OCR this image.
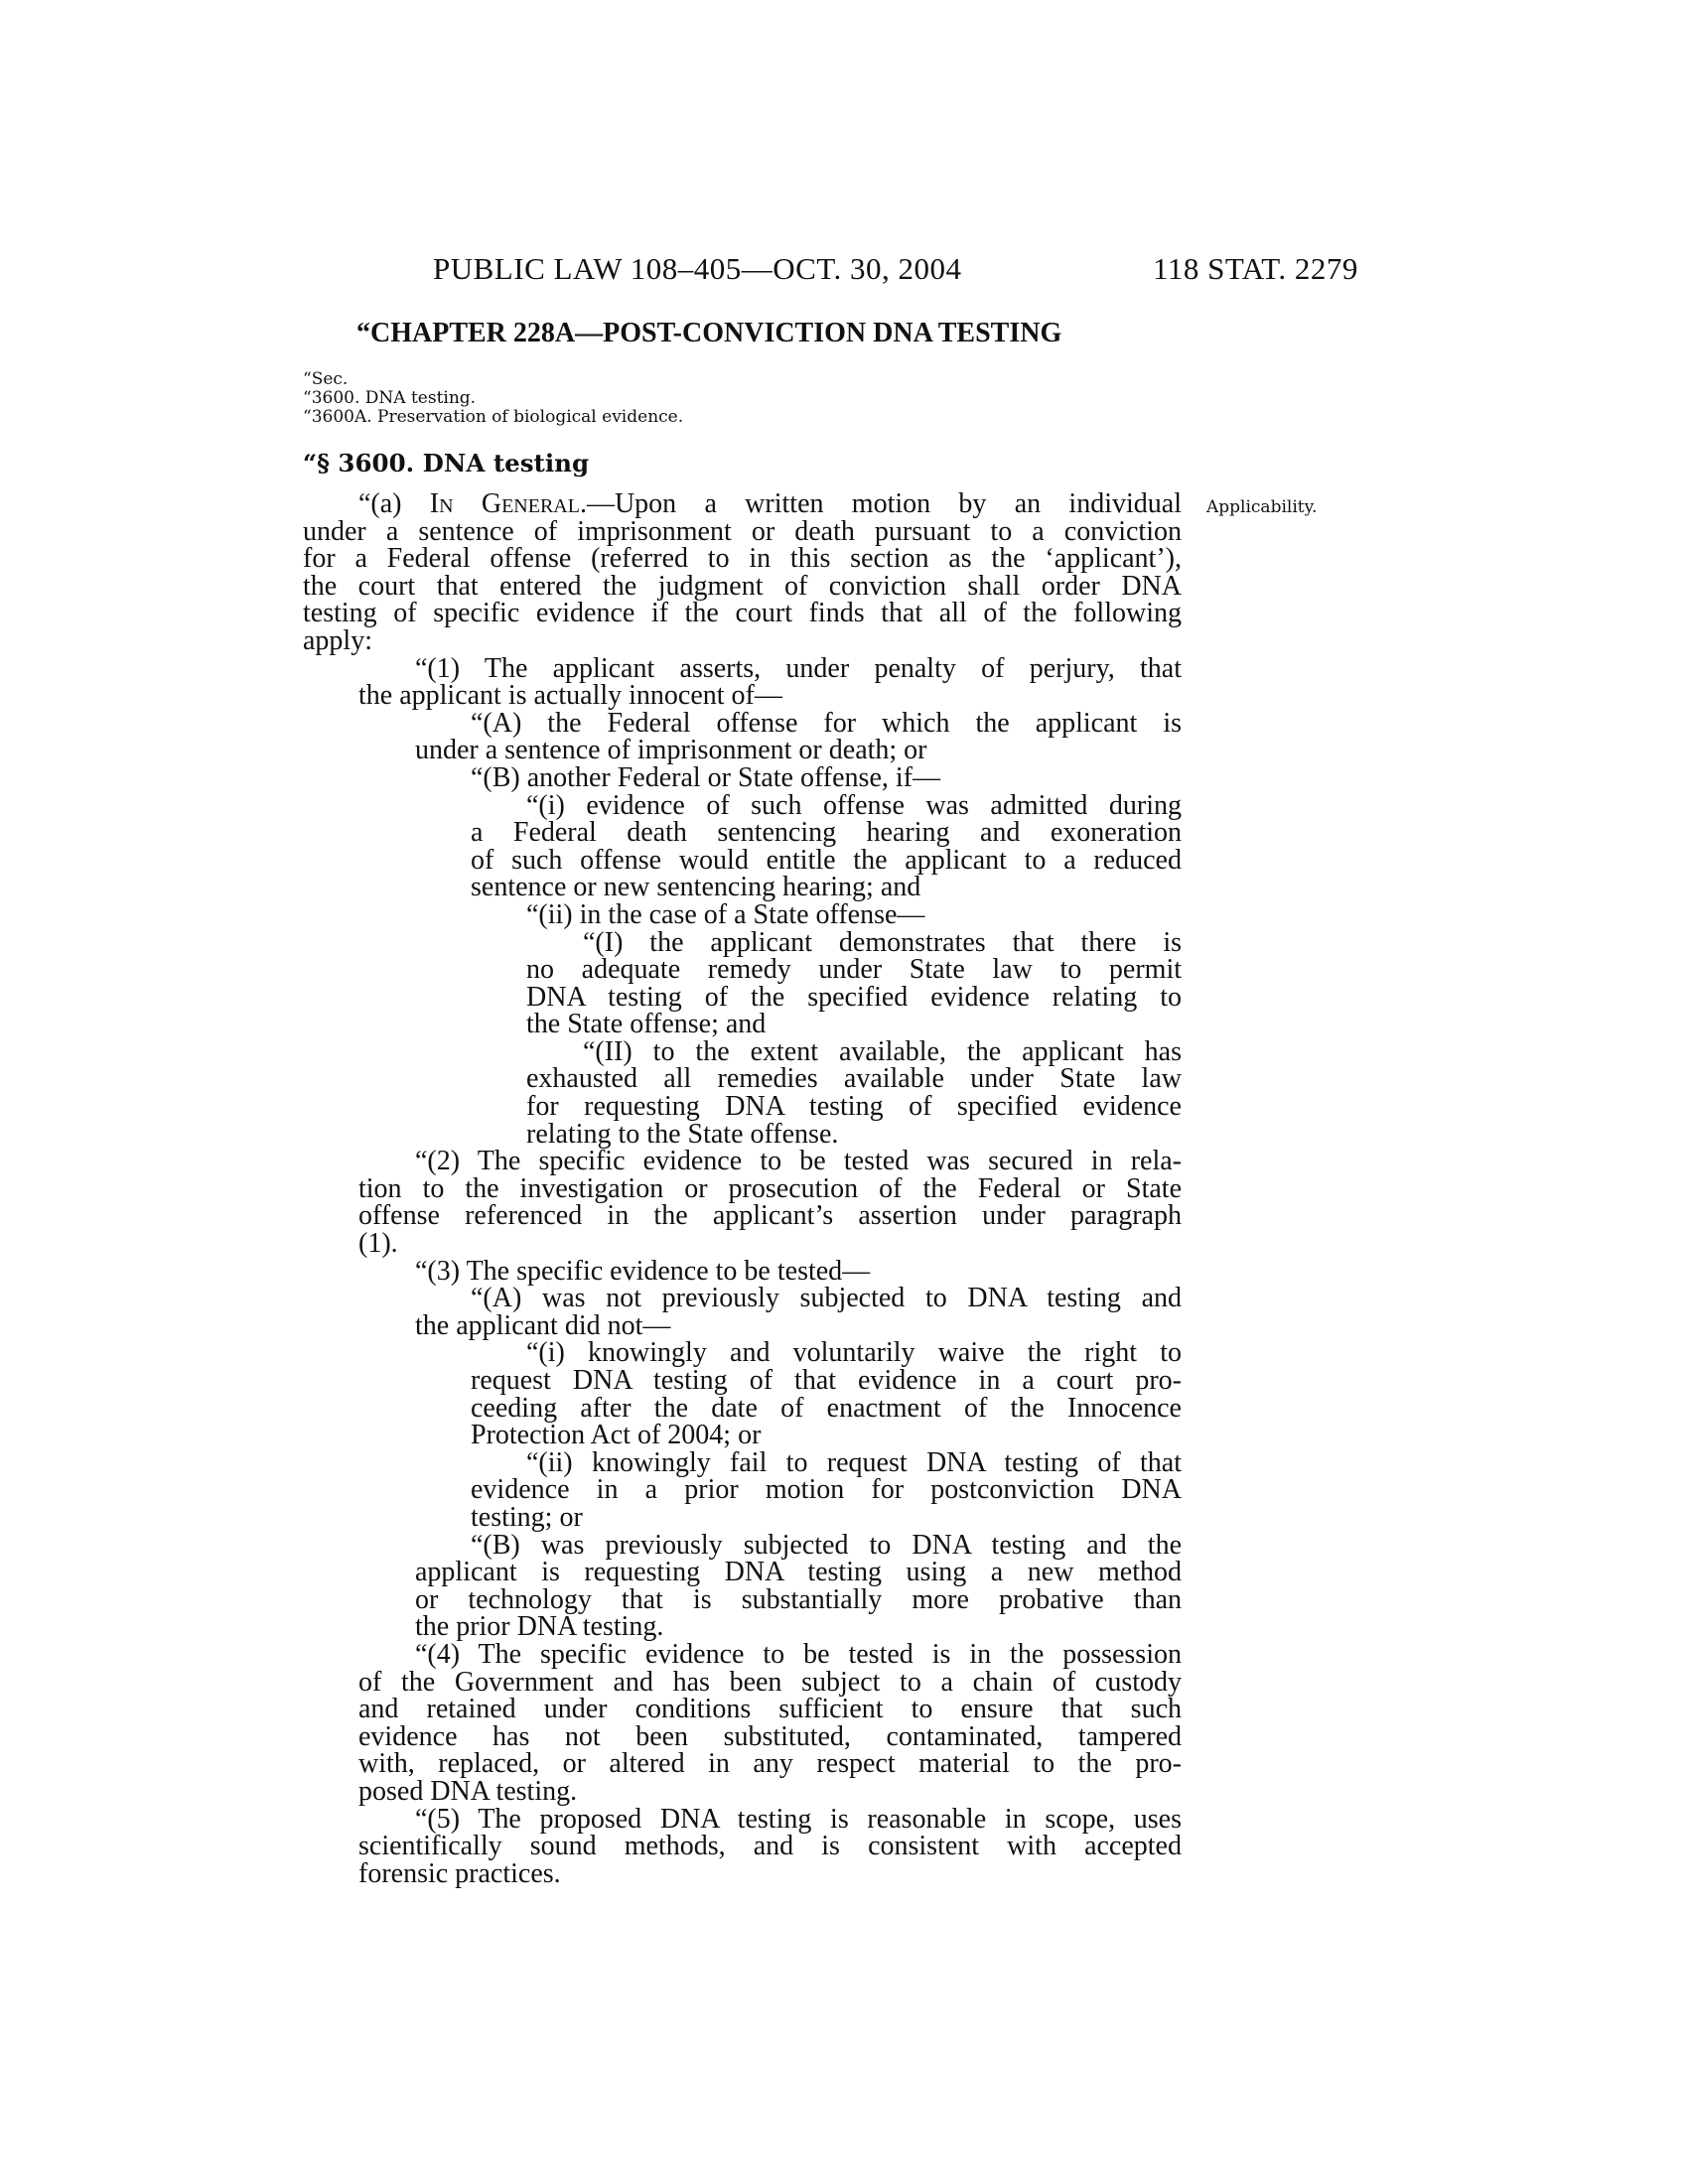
PUBLIC LAW 108–405—OCT. 30, 2004	118 STAT. 2279
“CHAPTER 228A—POST-CONVICTION DNA TESTING
“Sec.
“3600. DNA testing.
“3600A. Preservation of biological evidence.
“§ 3600. DNA testing
Applicability.
“(a) In General.—Upon a written motion by an individual
under a sentence of imprisonment or death pursuant to a conviction
for a Federal offense (referred to in this section as the ‘applicant’),
the court that entered the judgment of conviction shall order DNA
testing of specific evidence if the court finds that all of the following
apply:
“(1) The applicant asserts, under penalty of perjury, that
the applicant is actually innocent of—
“(A) the Federal offense for which the applicant is
under a sentence of imprisonment or death; or
“(B) another Federal or State offense, if—
“(i) evidence of such offense was admitted during
a Federal death sentencing hearing and exoneration
of such offense would entitle the applicant to a reduced
sentence or new sentencing hearing; and
“(ii) in the case of a State offense—
“(I) the applicant demonstrates that there is
no adequate remedy under State law to permit
DNA testing of the specified evidence relating to
the State offense; and
“(II) to the extent available, the applicant has
exhausted all remedies available under State law
for requesting DNA testing of specified evidence
relating to the State offense.
“(2) The specific evidence to be tested was secured in rela-
tion to the investigation or prosecution of the Federal or State
offense referenced in the applicant’s assertion under paragraph
(1).
“(3) The specific evidence to be tested—
“(A) was not previously subjected to DNA testing and
the applicant did not—
“(i) knowingly and voluntarily waive the right to
request DNA testing of that evidence in a court pro-
ceeding after the date of enactment of the Innocence
Protection Act of 2004; or
“(ii) knowingly fail to request DNA testing of that
evidence in a prior motion for postconviction DNA
testing; or
“(B) was previously subjected to DNA testing and the
applicant is requesting DNA testing using a new method
or technology that is substantially more probative than
the prior DNA testing.
“(4) The specific evidence to be tested is in the possession
of the Government and has been subject to a chain of custody
and retained under conditions sufficient to ensure that such
evidence has not been substituted, contaminated, tampered
with, replaced, or altered in any respect material to the pro-
posed DNA testing.
“(5) The proposed DNA testing is reasonable in scope, uses
scientifically sound methods, and is consistent with accepted
forensic practices.
